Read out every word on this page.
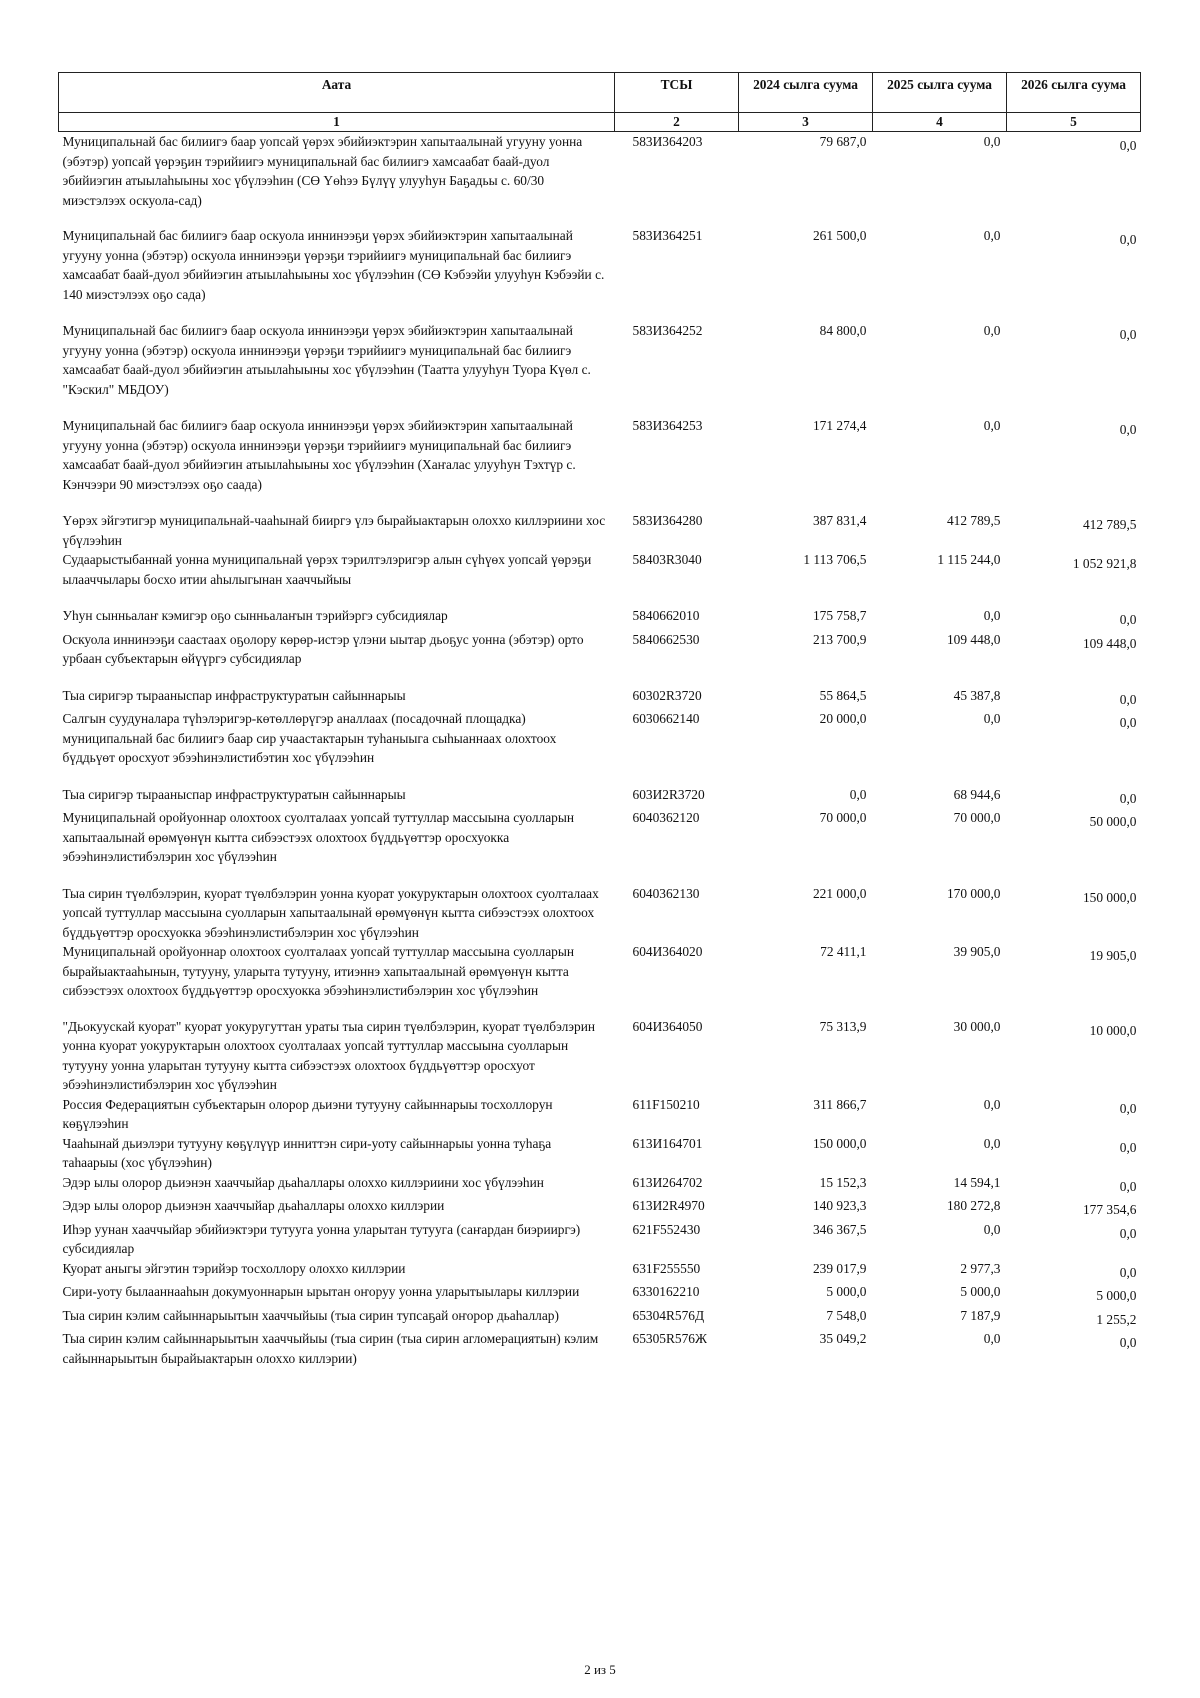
Аата	ТСЫ	2024 сылга суума	2025 сылга суума	2026 сылга суума
1	2	3	4	5
Муниципальнай бас билиигэ баар уопсай үөрэх эбийиэктэрин хапытаалынай угууну уонна (эбэтэр) уопсай үөрэҕин тэрийиигэ муниципальнай бас билиигэ хамсаабат баай-дуол эбийиэгин атыылаһыыны хос үбүлээһин (СӨ Үөһээ Бүлүү улууһун Баҕадьы с. 60/30 миэстэлээх оскуола-сад)	583И364203	79 687,0	0,0	0,0
Муниципальнай бас билиигэ баар оскуола иннинээҕи үөрэх эбийиэктэрин хапытаалынай угууну уонна (эбэтэр) оскуола иннинээҕи үөрэҕи тэрийиигэ муниципальнай бас билиигэ хамсаабат баай-дуол эбийиэгин атыылаһыыны хос үбүлээһин (СӨ Кэбээйи улууһун Кэбээйи с. 140 миэстэлээх оҕо сада)	583И364251	261 500,0	0,0	0,0
Муниципальнай бас билиигэ баар оскуола иннинээҕи үөрэх эбийиэктэрин хапытаалынай угууну уонна (эбэтэр) оскуола иннинээҕи үөрэҕи тэрийиигэ муниципальнай бас билиигэ хамсаабат баай-дуол эбийиэгин атыылаһыыны хос үбүлээһин (Таатта улууһун Туора Күөл с. "Кэскил" МБДОУ)	583И364252	84 800,0	0,0	0,0
Муниципальнай бас билиигэ баар оскуола иннинээҕи үөрэх эбийиэктэрин хапытаалынай угууну уонна (эбэтэр) оскуола иннинээҕи үөрэҕи тэрийиигэ муниципальнай бас билиигэ хамсаабат баай-дуол эбийиэгин атыылаһыыны хос үбүлээһин (Хаҥалас улууһун Тэхтүр с. Кэнчээри 90 миэстэлээх оҕо саада)	583И364253	171 274,4	0,0	0,0
Үөрэх эйгэтигэр муниципальнай-чааһынай бииргэ үлэ бырайыактарын олоххо киллэриини хос үбүлээһин	583И364280	387 831,4	412 789,5	412 789,5
Судаарыстыбаннай уонна муниципальнай үөрэх тэрилтэлэригэр алын сүһүөх уопсай үөрэҕи ылааччылары босхо итии аһылыгынан хааччыйыы	58403R3040	1 113 706,5	1 115 244,0	1 052 921,8
Уһун сынньалаҥ кэмигэр оҕо сынньалаҥын тэрийэргэ субсидиялар	5840662010	175 758,7	0,0	0,0
Оскуола иннинээҕи саастаах оҕолору көрөр-истэр үлэни ыытар дьоҕус уонна (эбэтэр) орто урбаан субъектарын өйүүргэ субсидиялар	5840662530	213 700,9	109 448,0	109 448,0
Тыа сиригэр тырааныспар инфраструктуратын сайыннарыы	60302R3720	55 864,5	45 387,8	0,0
Салгын суудуналара түһэлэригэр-көтөллөрүгэр аналлаах (посадочнай площадка) муниципальнай бас билиигэ баар сир учаастактарын туһаныыга сыһыаннаах олохтоох бүддьүөт оросхуот эбээһинэлистибэтин хос үбүлээһин	6030662140	20 000,0	0,0	0,0
Тыа сиригэр тырааныспар инфраструктуратын сайыннарыы	603И2R3720	0,0	68 944,6	0,0
Муниципальнай оройуоннар олохтоох суолталаах уопсай туттуллар массыына суолларын хапытаалынай өрөмүөнүн кытта сибээстээх олохтоох бүддьүөттэр оросхуокка эбээһинэлистибэлэрин хос үбүлээһин	6040362120	70 000,0	70 000,0	50 000,0
Тыа сирин түөлбэлэрин, куорат түөлбэлэрин уонна куорат уокуруктарын олохтоох суолталаах уопсай туттуллар массыына суолларын хапытаалынай өрөмүөнүн кытта сибээстээх олохтоох бүддьүөттэр оросхуокка эбээһинэлистибэлэрин хос үбүлээһин	6040362130	221 000,0	170 000,0	150 000,0
Муниципальнай оройуоннар олохтоох суолталаах уопсай туттуллар массыына суолларын бырайыактааһынын, тутууну, уларыта тутууну, итиэннэ хапытаалынай өрөмүөнүн кытта сибээстээх олохтоох бүддьүөттэр оросхуокка эбээһинэлистибэлэрин хос үбүлээһин	604И364020	72 411,1	39 905,0	19 905,0
"Дьокуускай куорат" куорат уокуругуттан ураты тыа сирин түөлбэлэрин, куорат түөлбэлэрин уонна куорат уокуруктарын олохтоох суолталаах уопсай туттуллар массыына суолларын тутууну уонна уларытан тутууну кытта сибээстээх олохтоох бүддьүөттэр оросхуот эбээһинэлистибэлэрин хос үбүлээһин	604И364050	75 313,9	30 000,0	10 000,0
Россия Федерациятын субъектарын олорор дьиэни тутууну сайыннарыы тосхоллорун көҕүлээһин	611F150210	311 866,7	0,0	0,0
Чааһынай дьиэлэри тутууну көҕүлүүр инниттэн сири-уоту сайыннарыы уонна туһаҕа таһаарыы (хос үбүлээһин)	613И164701	150 000,0	0,0	0,0
Эдэр ылы олорор дьиэнэн хааччыйар дьаһаллары олоххо киллэриини хос үбүлээһин	613И264702	15 152,3	14 594,1	0,0
Эдэр ылы олорор дьиэнэн хааччыйар дьаһаллары олоххо киллэрии	613И2R4970	140 923,3	180 272,8	177 354,6
Иһэр уунан хааччыйар эбийиэктэри тутууга уонна уларытан тутууга (саҥардан биэрииргэ) субсидиялар	621F552430	346 367,5	0,0	0,0
Куорат аныгы эйгэтин тэрийэр тосхоллору олоххо киллэрии	631F255550	239 017,9	2 977,3	0,0
Сири-уоту былааннааһын докумуоннарын ырытан оҥоруу уонна уларытыылары киллэрии	6330162210	5 000,0	5 000,0	5 000,0
Тыа сирин кэлим сайыннарыытын хааччыйыы (тыа сирин тупсаҕай оҥорор дьаһаллар)	65304R576Д	7 548,0	7 187,9	1 255,2
Тыа сирин кэлим сайыннарыытын хааччыйыы (тыа сирин (тыа сирин агломерациятын) кэлим сайыннарыытын бырайыактарын олоххо киллэрии)	65305R576Ж	35 049,2	0,0	0,0
2 из 5
